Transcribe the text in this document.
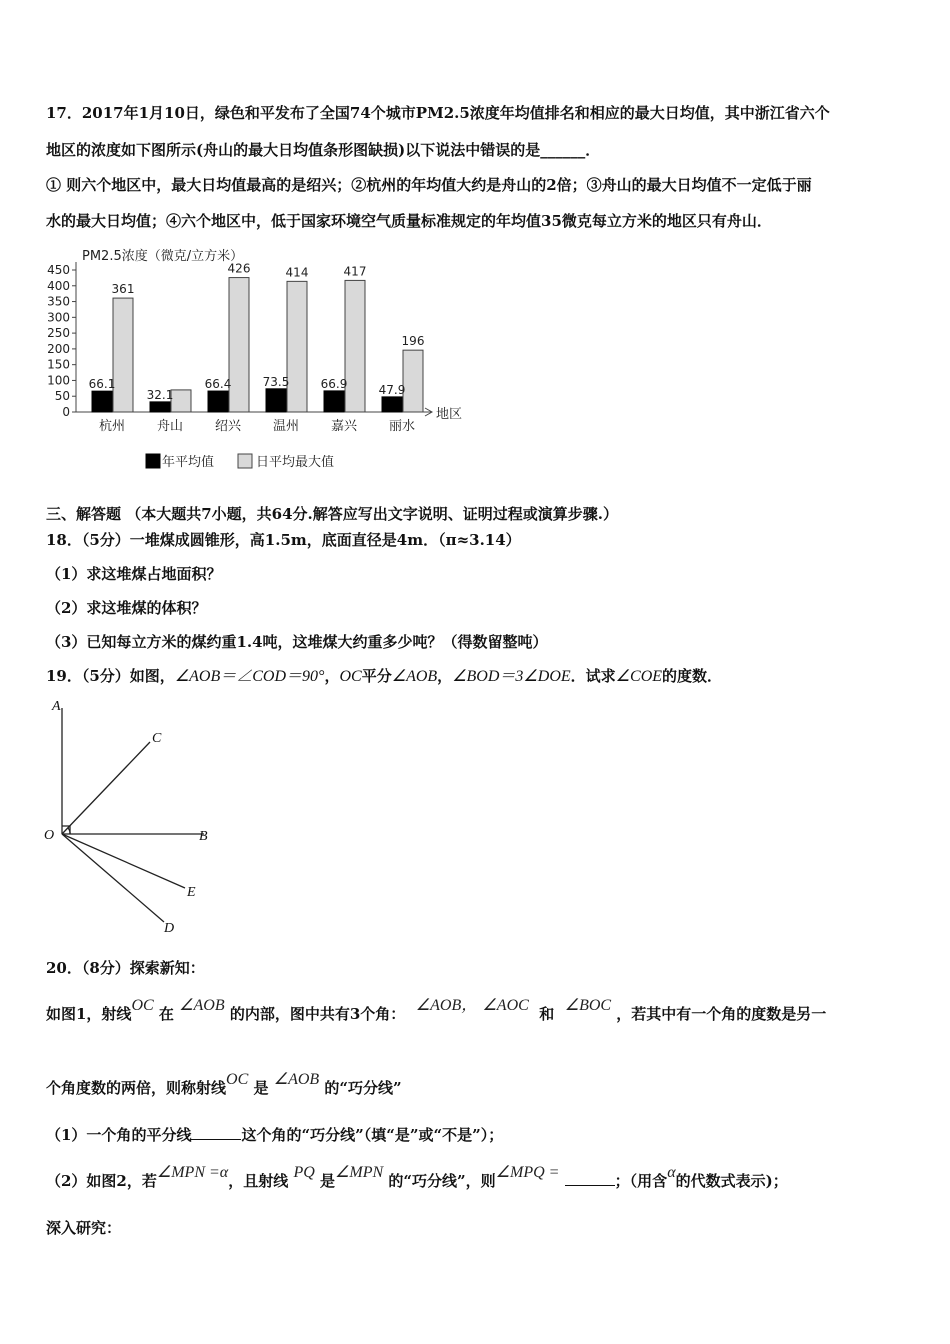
17．2017年1月10日，绿色和平发布了全国74个城市PM2.5浓度年均值排名和相应的最大日均值，其中浙江省六个
地区的浓度如下图所示(舟山的最大日均值条形图缺损)以下说法中错误的是______．
① 则六个地区中，最大日均值最高的是绍兴；②杭州的年均值大约是舟山的2倍；③舟山的最大日均值不一定低于丽
水的最大日均值；④六个地区中，低于国家环境空气质量标准规定的年均值35微克每立方米的地区只有舟山．
PM2.5浓度（微克/立方米）
450
400
350
300
250
200
150
100
50
0	地区
66.1
361
杭州
32.1
舟山
66.4
426
绍兴
73.5
414
温州
66.9
417
嘉兴
47.9
196
丽水
年平均值	日平均最大值
三、解答题 （本大题共7小题，共64分.解答应写出文字说明、证明过程或演算步骤.）
18．（5分）一堆煤成圆锥形，高1.5m，底面直径是4m．（π≈3.14）
（1）求这堆煤占地面积？
（2）求这堆煤的体积？
（3）已知每立方米的煤约重1.4吨，这堆煤大约重多少吨？（得数留整吨）
19．（5分）如图，∠AOB＝∠COD＝90°，OC平分∠AOB，∠BOD＝3∠DOE．试求∠COE的度数．
A
C
O	B
E
D
20．（8分）探索新知：
如图1，射线OC 在 ∠AOB 的内部，图中共有3个角： ∠AOB， ∠AOC 和 ∠BOC ，若其中有一个角的度数是另一
个角度数的两倍，则称射线OC 是 ∠AOB 的“巧分线”
（1）一个角的平分线	这个角的“巧分线”（填“是”或“不是”）；
（2）如图2，若∠MPN =α，且射线 PQ 是∠MPN 的“巧分线”，则∠MPQ =	；（用含α的代数式表示)；
深入研究：
